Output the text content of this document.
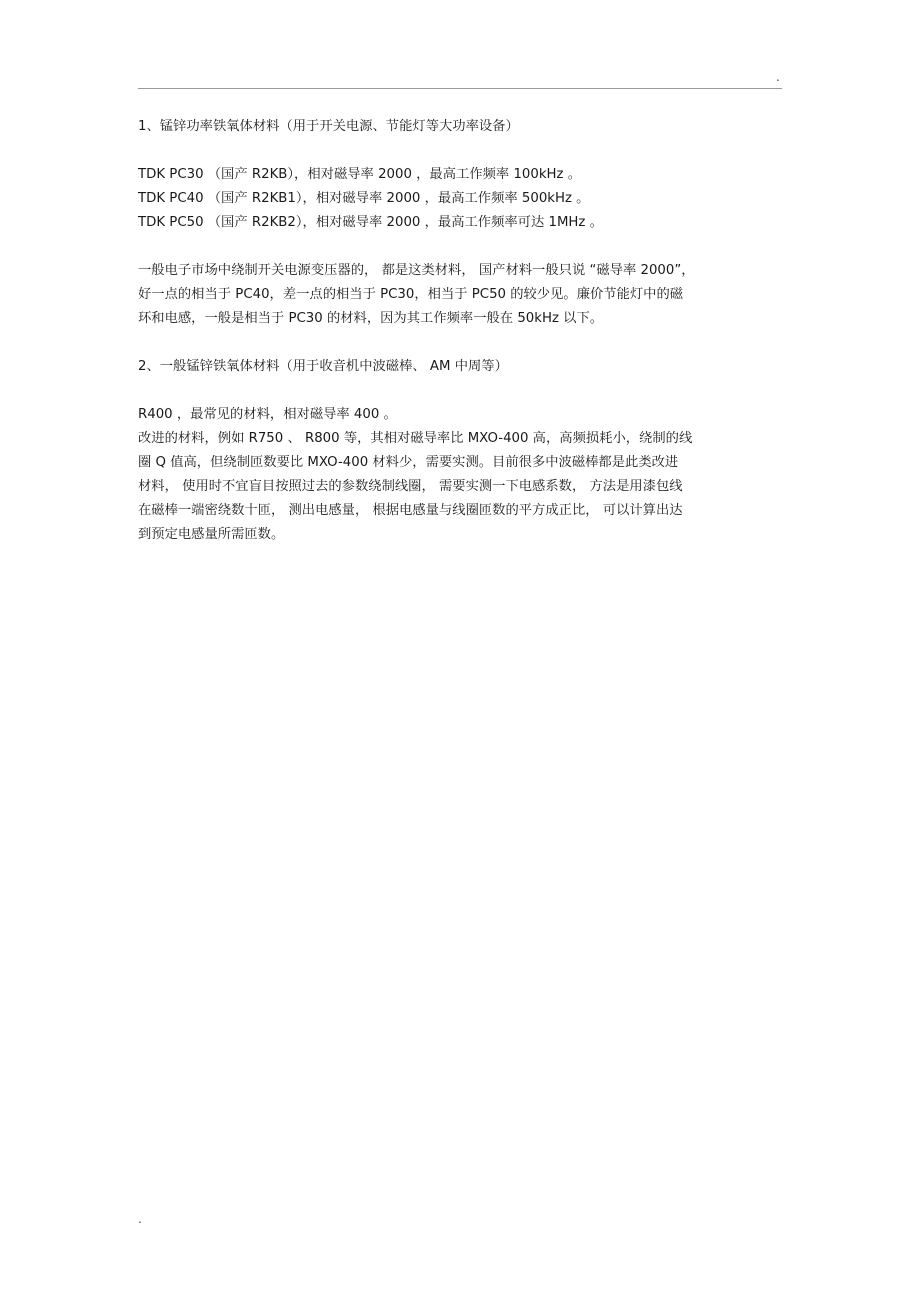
.
1、锰锌功率铁氧体材料（用于开关电源、节能灯等大功率设备）
TDK PC30 （国产 R2KB），相对磁导率 2000 ，最高工作频率 100kHz 。
TDK PC40 （国产 R2KB1），相对磁导率 2000 ，最高工作频率 500kHz 。
TDK PC50 （国产 R2KB2），相对磁导率 2000 ，最高工作频率可达 1MHz 。
一般电子市场中绕制开关电源变压器的， 都是这类材料， 国产材料一般只说 “磁导率 2000”，
好一点的相当于 PC40，差一点的相当于 PC30，相当于 PC50 的较少见。廉价节能灯中的磁
环和电感，一般是相当于 PC30 的材料，因为其工作频率一般在 50kHz 以下。
2、一般锰锌铁氧体材料（用于收音机中波磁棒、 AM 中周等）
R400 ，最常见的材料，相对磁导率 400 。
改进的材料，例如 R750 、 R800 等，其相对磁导率比 MXO-400 高，高频损耗小，绕制的线
圈 Q 值高，但绕制匝数要比 MXO-400 材料少，需要实测。目前很多中波磁棒都是此类改进
材料， 使用时不宜盲目按照过去的参数绕制线圈， 需要实测一下电感系数， 方法是用漆包线
在磁棒一端密绕数十匝， 测出电感量， 根据电感量与线圈匝数的平方成正比， 可以计算出达
到预定电感量所需匝数。
.
